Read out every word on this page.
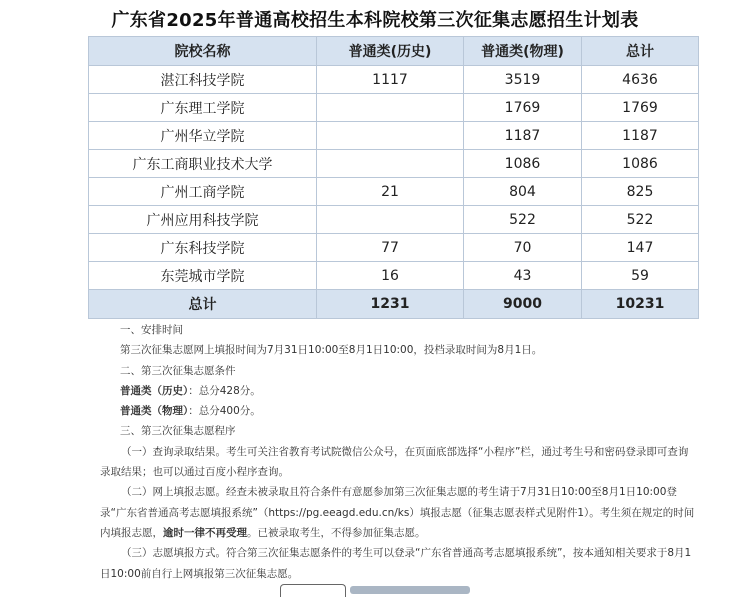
广东省2025年普通高校招生本科院校第三次征集志愿招生计划表
院校名称	普通类(历史)	普通类(物理)	总计
湛江科技学院	1117	3519	4636
广东理工学院		1769	1769
广州华立学院		1187	1187
广东工商职业技术大学		1086	1086
广州工商学院	21	804	825
广州应用科技学院		522	522
广东科技学院	77	70	147
东莞城市学院	16	43	59
总计	1231	9000	10231

一、安排时间

第三次征集志愿网上填报时间为7月31日10:00至8月1日10:00，投档录取时间为8月1日。

二、第三次征集志愿条件

普通类（历史）：总分428分。

普通类（物理）：总分400分。

三、第三次征集志愿程序

（一）查询录取结果。考生可关注省教育考试院微信公众号，在页面底部选择“小程序”栏，通过考生号和密码登录即可查询录取结果；也可以通过百度小程序查询。

（二）网上填报志愿。经查未被录取且符合条件有意愿参加第三次征集志愿的考生请于7月31日10:00至8月1日10:00登录“广东省普通高考志愿填报系统”（https://pg.eeagd.edu.cn/ks）填报志愿（征集志愿表样式见附件1）。考生须在规定的时间内填报志愿，逾时一律不再受理。已被录取考生，不得参加征集志愿。

（三）志愿填报方式。符合第三次征集志愿条件的考生可以登录“广东省普通高考志愿填报系统”，按本通知相关要求于8月1日10:00前自行上网填报第三次征集志愿。
